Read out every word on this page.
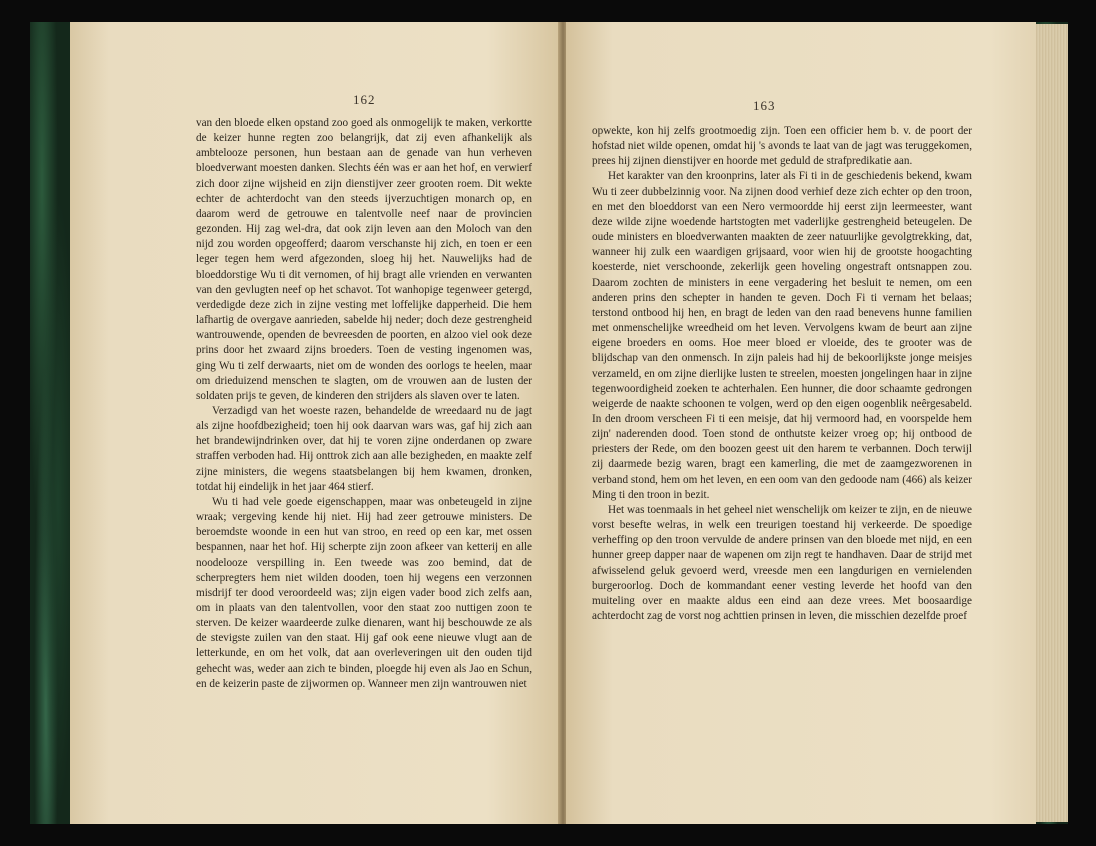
162

van den bloede elken opstand zoo goed als onmogelijk te maken, verkortte de keizer hunne regten zoo belangrijk, dat zij even afhankelijk als ambtelooze personen, hun bestaan aan de genade van hun verheven bloedverwant moesten danken. Slechts één was er aan het hof, en verwierf zich door zijne wijsheid en zijn dienstijver zeer grooten roem. Dit wekte echter de achterdocht van den steeds ijverzuchtigen monarch op, en daarom werd de getrouwe en talentvolle neef naar de provincien gezonden. Hij zag wel-dra, dat ook zijn leven aan den Moloch van den nijd zou worden opgeofferd; daarom verschanste hij zich, en toen er een leger tegen hem werd afgezonden, sloeg hij het. Nauwelijks had de bloeddorstige Wu ti dit vernomen, of hij bragt alle vrienden en verwanten van den gevlugten neef op het schavot. Tot wanhopige tegenweer getergd, verdedigde deze zich in zijne vesting met loffelijke dapperheid. Die hem lafhartig de overgave aanrieden, sabelde hij neder; doch deze gestrengheid wantrouwende, openden de bevreesden de poorten, en alzoo viel ook deze prins door het zwaard zijns broeders. Toen de vesting ingenomen was, ging Wu ti zelf derwaarts, niet om de wonden des oorlogs te heelen, maar om drieduizend menschen te slagten, om de vrouwen aan de lusten der soldaten prijs te geven, de kinderen den strijders als slaven over te laten.

Verzadigd van het woeste razen, behandelde de wreedaard nu de jagt als zijne hoofdbezigheid; toen hij ook daarvan wars was, gaf hij zich aan het brandewijndrinken over, dat hij te voren zijne onderdanen op zware straffen verboden had. Hij onttrok zich aan alle bezigheden, en maakte zelf zijne ministers, die wegens staatsbelangen bij hem kwamen, dronken, totdat hij eindelijk in het jaar 464 stierf.

Wu ti had vele goede eigenschappen, maar was onbeteugeld in zijne wraak; vergeving kende hij niet. Hij had zeer getrouwe ministers. De beroemdste woonde in een hut van stroo, en reed op een kar, met ossen bespannen, naar het hof. Hij scherpte zijn zoon afkeer van ketterij en alle noodelooze verspilling in. Een tweede was zoo bemind, dat de scherpregters hem niet wilden dooden, toen hij wegens een verzonnen misdrijf ter dood veroordeeld was; zijn eigen vader bood zich zelfs aan, om in plaats van den talentvollen, voor den staat zoo nuttigen zoon te sterven. De keizer waardeerde zulke dienaren, want hij beschouwde ze als de stevigste zuilen van den staat. Hij gaf ook eene nieuwe vlugt aan de letterkunde, en om het volk, dat aan overleveringen uit den ouden tijd gehecht was, weder aan zich te binden, ploegde hij even als Jao en Schun, en de keizerin paste de zijwormen op. Wanneer men zijn wantrouwen niet

163

opwekte, kon hij zelfs grootmoedig zijn. Toen een officier hem b. v. de poort der hofstad niet wilde openen, omdat hij 's avonds te laat van de jagt was teruggekomen, prees hij zijnen dienstijver en hoorde met geduld de strafpredikatie aan.

Het karakter van den kroonprins, later als Fi ti in de geschiedenis bekend, kwam Wu ti zeer dubbelzinnig voor. Na zijnen dood verhief deze zich echter op den troon, en met den bloeddorst van een Nero vermoordde hij eerst zijn leermeester, want deze wilde zijne woedende hartstogten met vaderlijke gestrengheid beteugelen. De oude ministers en bloedverwanten maakten de zeer natuurlijke gevolgtrekking, dat, wanneer hij zulk een waardigen grijsaard, voor wien hij de grootste hoogachting koesterde, niet verschoonde, zekerlijk geen hoveling ongestraft ontsnappen zou. Daarom zochten de ministers in eene vergadering het besluit te nemen, om een anderen prins den schepter in handen te geven. Doch Fi ti vernam het belaas; terstond ontbood hij hen, en bragt de leden van den raad benevens hunne familien met onmenschelijke wreedheid om het leven. Vervolgens kwam de beurt aan zijne eigene broeders en ooms. Hoe meer bloed er vloeide, des te grooter was de blijdschap van den onmensch. In zijn paleis had hij de bekoorlijkste jonge meisjes verzameld, en om zijne dierlijke lusten te streelen, moesten jongelingen haar in zijne tegenwoordigheid zoeken te achterhalen. Een hunner, die door schaamte gedrongen weigerde de naakte schoonen te volgen, werd op den eigen oogenblik neêrgesabeld. In den droom verscheen Fi ti een meisje, dat hij vermoord had, en voorspelde hem zijn' naderenden dood. Toen stond de onthutste keizer vroeg op; hij ontbood de priesters der Rede, om den boozen geest uit den harem te verbannen. Doch terwijl zij daarmede bezig waren, bragt een kamerling, die met de zaamgezworenen in verband stond, hem om het leven, en een oom van den gedoode nam (466) als keizer Ming ti den troon in bezit.

Het was toenmaals in het geheel niet wenschelijk om keizer te zijn, en de nieuwe vorst besefte welras, in welk een treurigen toestand hij verkeerde. De spoedige verheffing op den troon vervulde de andere prinsen van den bloede met nijd, en een hunner greep dapper naar de wapenen om zijn regt te handhaven. Daar de strijd met afwisselend geluk gevoerd werd, vreesde men een langdurigen en vernielenden burgeroorlog. Doch de kommandant eener vesting leverde het hoofd van den muiteling over en maakte aldus een eind aan deze vrees. Met boosaardige achterdocht zag de vorst nog achttien prinsen in leven, die misschien dezelfde proef
